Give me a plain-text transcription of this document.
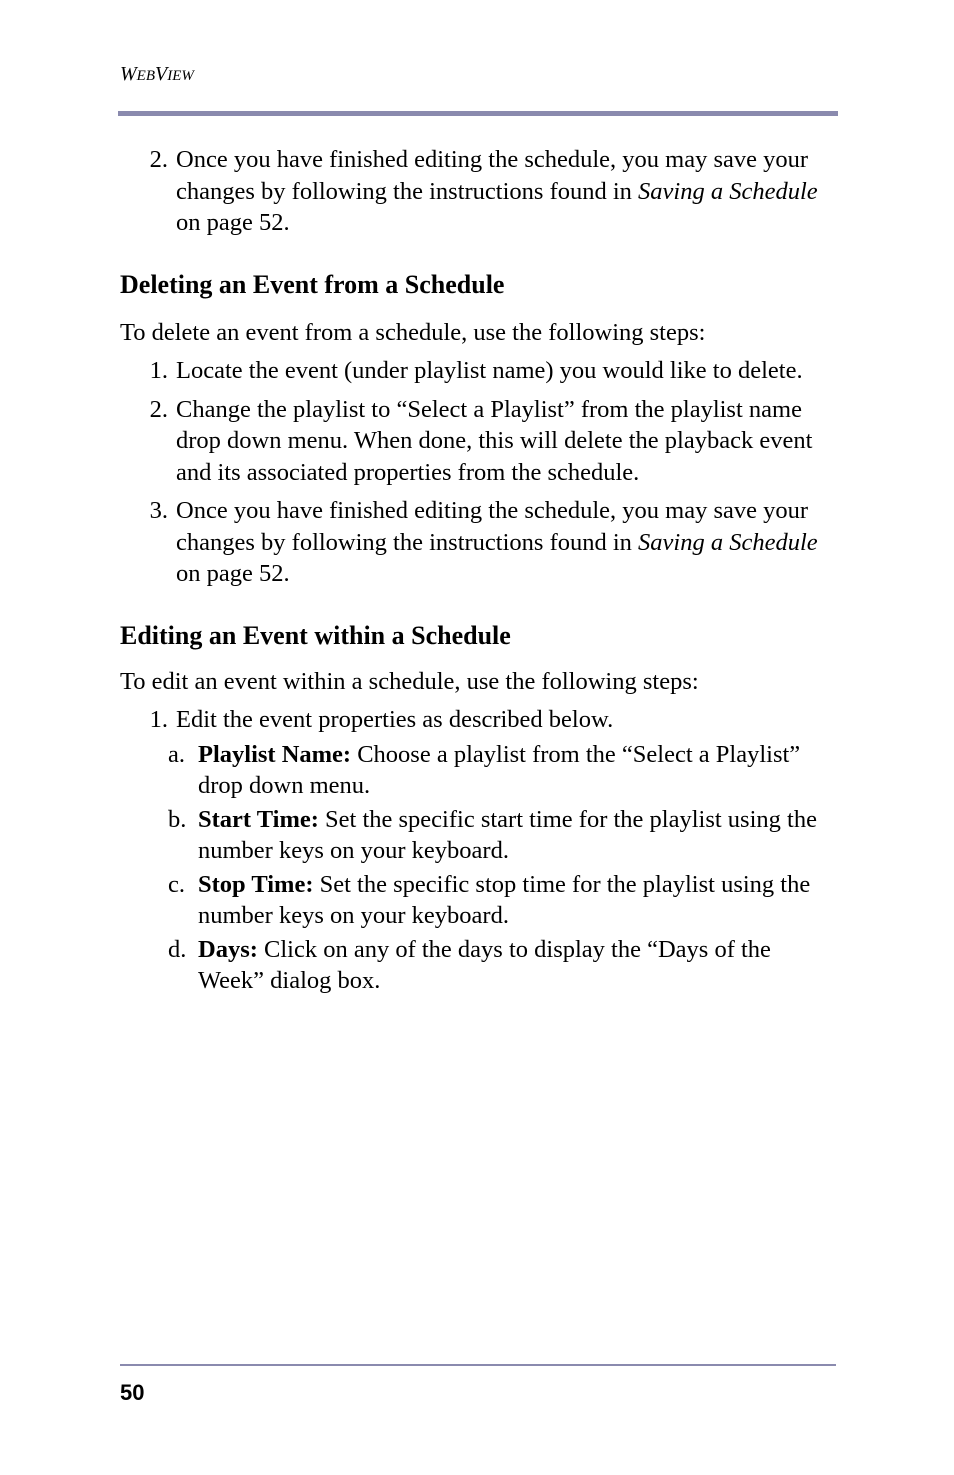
WEBVIEW
2. Once you have finished editing the schedule, you may save your changes by following the instructions found in Saving a Schedule on page 52.
Deleting an Event from a Schedule

To delete an event from a schedule, use the following steps:

1. Locate the event (under playlist name) you would like to delete.
2. Change the playlist to “Select a Playlist” from the playlist name drop down menu. When done, this will delete the playback event and its associated properties from the schedule.
3. Once you have finished editing the schedule, you may save your changes by following the instructions found in Saving a Schedule on page 52.
Editing an Event within a Schedule

To edit an event within a schedule, use the following steps:

1. Edit the event properties as described below.
a. Playlist Name: Choose a playlist from the “Select a Playlist” drop down menu.
b. Start Time: Set the specific start time for the playlist using the number keys on your keyboard.
c. Stop Time: Set the specific stop time for the playlist using the number keys on your keyboard.
d. Days: Click on any of the days to display the “Days of the Week” dialog box.
50
